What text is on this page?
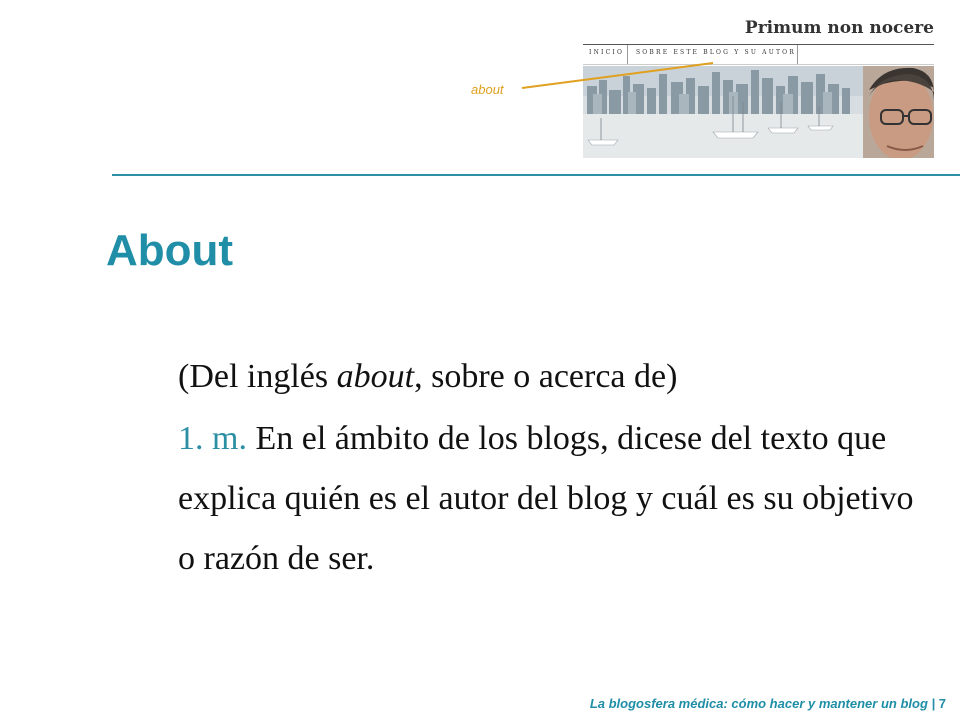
Primum non nocere
INICIO SOBRE ESTE BLOG Y SU AUTOR
about
About

(Del inglés about, sobre o acerca de)

1. m. En el ámbito de los blogs, dicese del texto que explica quién es el autor del blog y cuál es su objetivo o razón de ser.

La blogosfera médica: cómo hacer y mantener un blog | 7
